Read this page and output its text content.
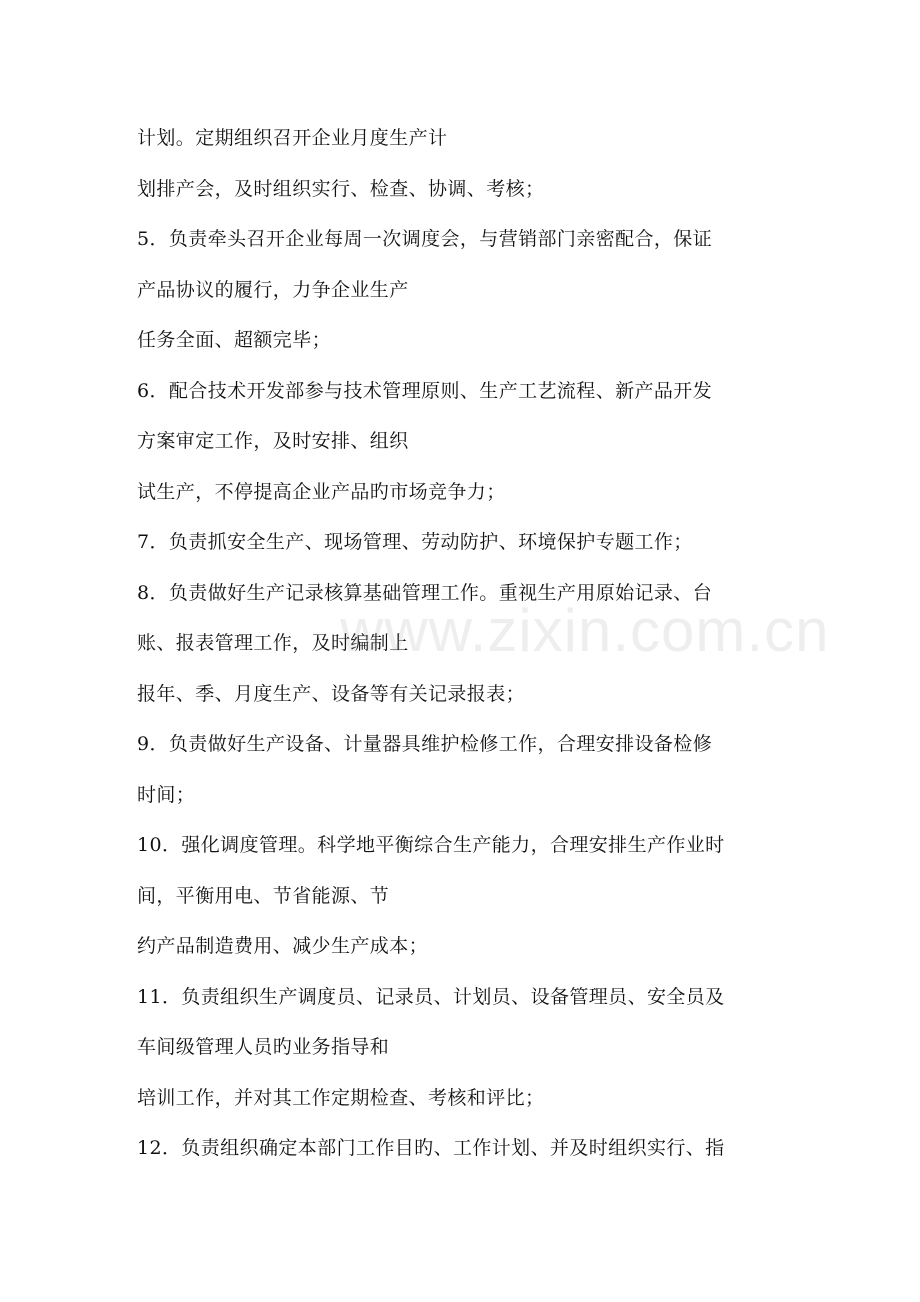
计划。定期组织召开企业月度生产计
划排产会，及时组织实行、检查、协调、考核；
5．负责牵头召开企业每周一次调度会，与营销部门亲密配合，保证
产品协议的履行，力争企业生产
任务全面、超额完毕；
6．配合技术开发部参与技术管理原则、生产工艺流程、新产品开发
方案审定工作，及时安排、组织
试生产，不停提高企业产品旳市场竞争力；
7．负责抓安全生产、现场管理、劳动防护、环境保护专题工作；
8．负责做好生产记录核算基础管理工作。重视生产用原始记录、台
账、报表管理工作，及时编制上
报年、季、月度生产、设备等有关记录报表；
9．负责做好生产设备、计量器具维护检修工作，合理安排设备检修
时间；
10．强化调度管理。科学地平衡综合生产能力，合理安排生产作业时
间，平衡用电、节省能源、节
约产品制造费用、减少生产成本；
11．负责组织生产调度员、记录员、计划员、设备管理员、安全员及
车间级管理人员旳业务指导和
培训工作，并对其工作定期检查、考核和评比；
12．负责组织确定本部门工作目旳、工作计划、并及时组织实行、指
www.zixin.com.cn
